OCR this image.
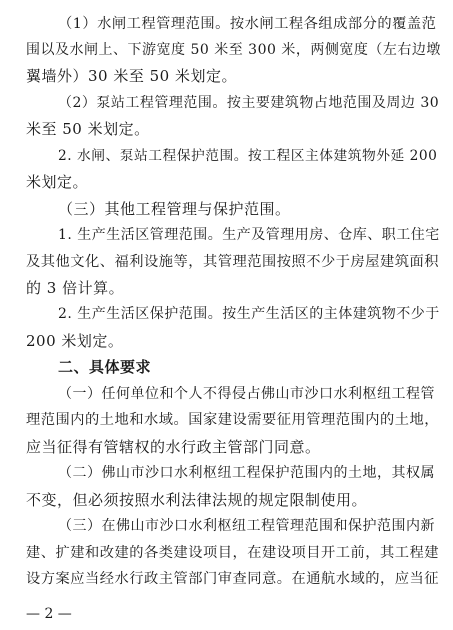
（1）水闸工程管理范围。按水闸工程各组成部分的覆盖范
围以及水闸上、下游宽度 50 米至 300 米，两侧宽度（左右边墩
翼墙外）30 米至 50 米划定。
（2）泵站工程管理范围。按主要建筑物占地范围及周边 30
米至 50 米划定。
2. 水闸、泵站工程保护范围。按工程区主体建筑物外延 200
米划定。
（三）其他工程管理与保护范围。
1. 生产生活区管理范围。生产及管理用房、仓库、职工住宅
及其他文化、福利设施等，其管理范围按照不少于房屋建筑面积
的 3 倍计算。
2. 生产生活区保护范围。按生产生活区的主体建筑物不少于
200 米划定。
二、具体要求
（一）任何单位和个人不得侵占佛山市沙口水利枢纽工程管
理范围内的土地和水域。国家建设需要征用管理范围内的土地，
应当征得有管辖权的水行政主管部门同意。
（二）佛山市沙口水利枢纽工程保护范围内的土地，其权属
不变，但必须按照水利法律法规的规定限制使用。
（三）在佛山市沙口水利枢纽工程管理范围和保护范围内新
建、扩建和改建的各类建设项目，在建设项目开工前，其工程建
设方案应当经水行政主管部门审查同意。在通航水域的，应当征
— 2 —
